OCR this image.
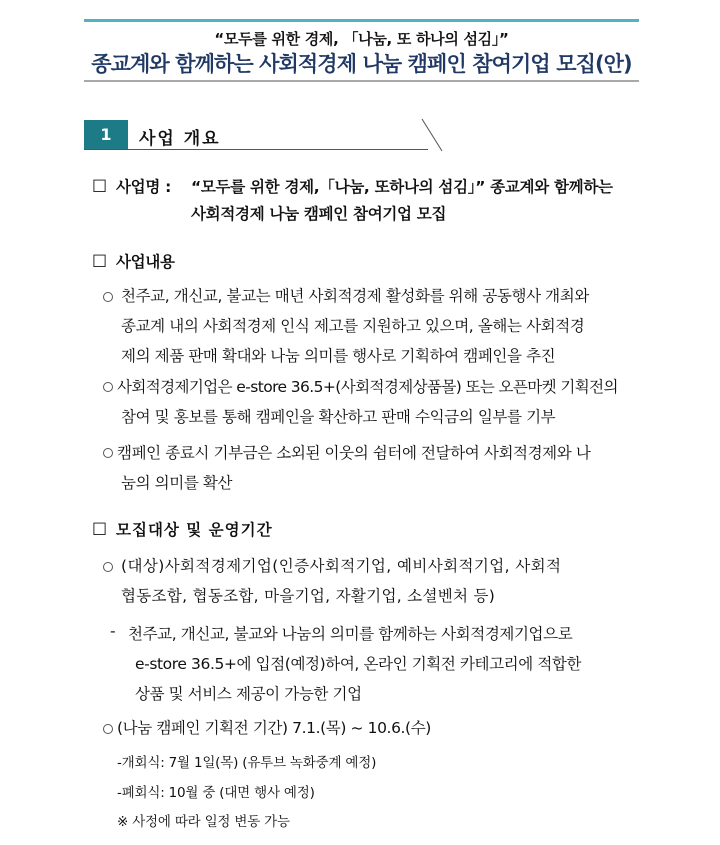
“모두를 위한 경제, 「나눔, 또 하나의 섬김」”
종교계와 함께하는 사회적경제 나눔 캠페인 참여기업 모집(안)
1	사업 개요
□ 사업명 : “모두를 위한 경제,「나눔, 또하나의 섬김」” 종교계와 함께하는
사회적경제 나눔 캠페인 참여기업 모집
□ 사업내용
천주교, 개신교, 불교는 매년 사회적경제 활성화를 위해 공동행사 개최와
종교계 내의 사회적경제 인식 제고를 지원하고 있으며, 올해는 사회적경
제의 제품 판매 확대와 나눔 의미를 행사로 기획하여 캠페인을 추진
사회적경제기업은 e-store 36.5+(사회적경제상품몰) 또는 오픈마켓 기획전의
참여 및 홍보를 통해 캠페인을 확산하고 판매 수익금의 일부를 기부
캠페인 종료시 기부금은 소외된 이웃의 쉼터에 전달하여 사회적경제와 나
눔의 의미를 확산
□ 모집대상 및 운영기간
(대상)사회적경제기업(인증사회적기업, 예비사회적기업, 사회적
협동조합, 협동조합, 마을기업, 자활기업, 소셜벤처 등)
- 천주교, 개신교, 불교와 나눔의 의미를 함께하는 사회적경제기업으로
e-store 36.5+에 입점(예정)하여, 온라인 기획전 카테고리에 적합한
상품 및 서비스 제공이 가능한 기업
(나눔 캠페인 기획전 기간) 7.1.(목) ~ 10.6.(수)
-개회식: 7월 1일(목) (유투브 녹화중계 예정)
-폐회식: 10월 중 (대면 행사 예정)
※ 사정에 따라 일정 변동 가능
